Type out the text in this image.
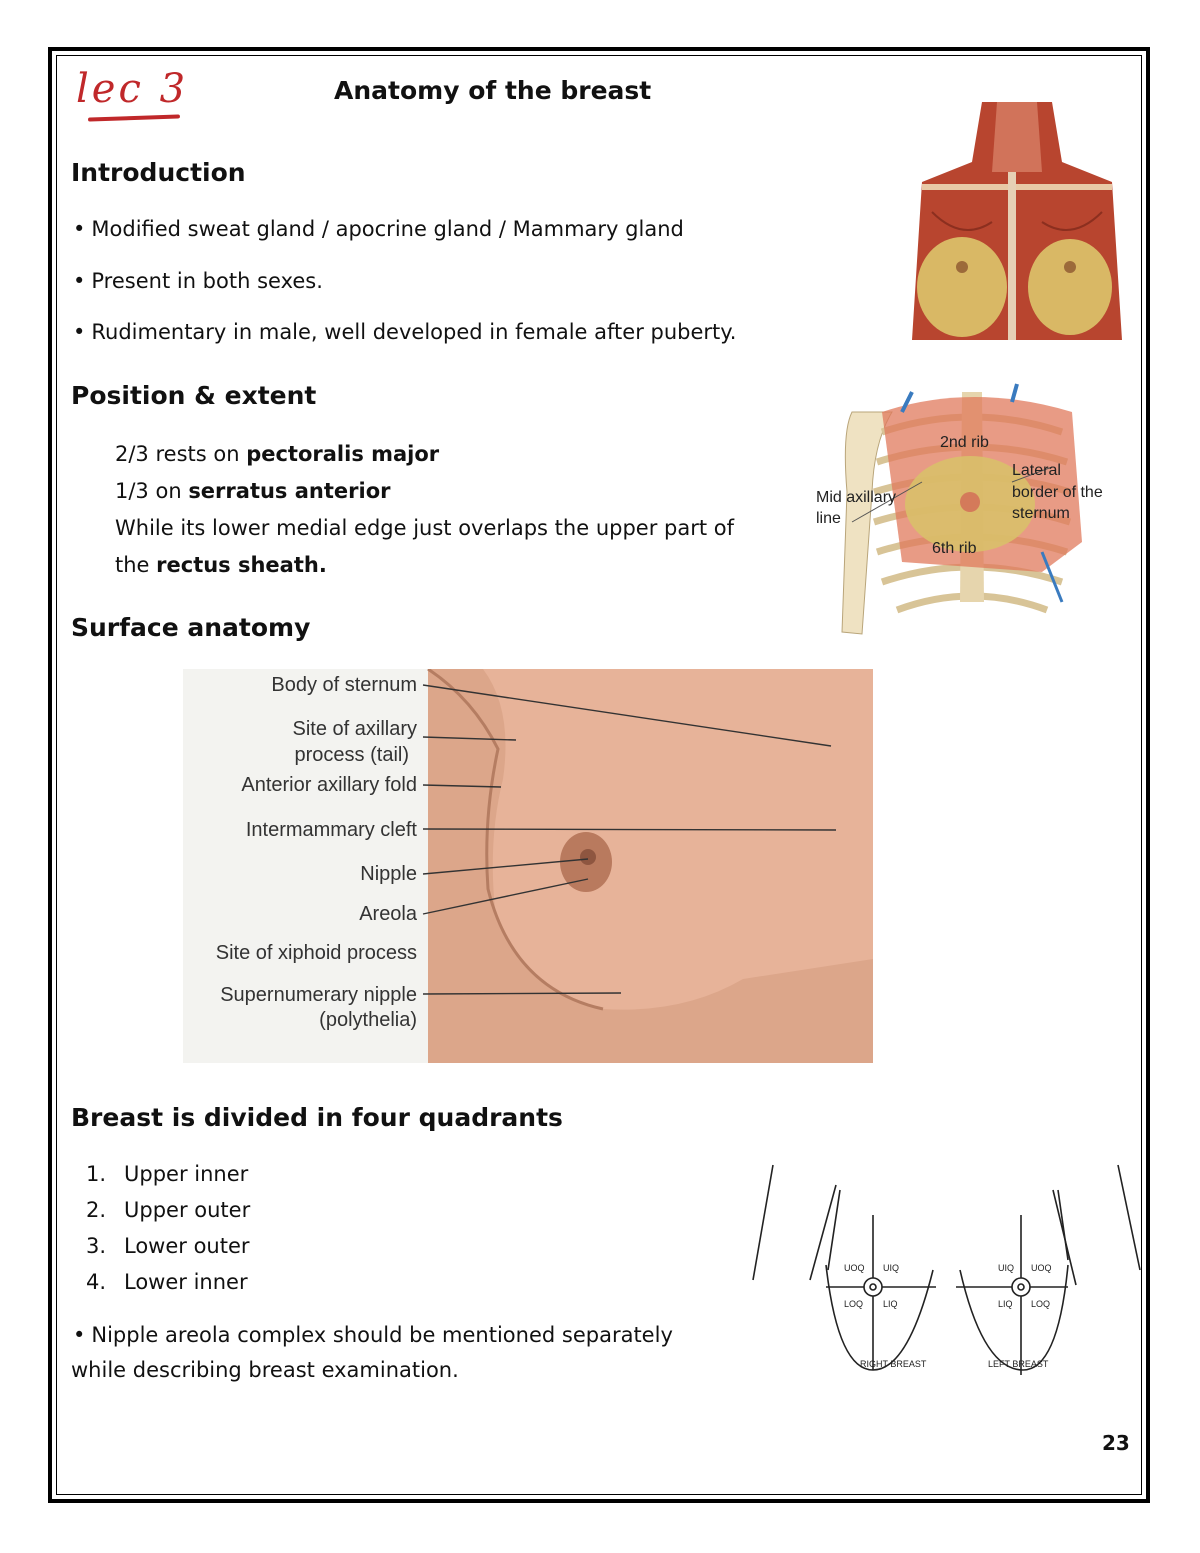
lec 3	Anatomy of the breast
Introduction
• Modified sweat gland / apocrine gland / Mammary gland
• Present in both sexes.
• Rudimentary in male, well developed in female after puberty.
Position & extent
2/3 rests on pectoralis major
1/3 on serratus anterior
While its lower medial edge just overlaps the upper part of
the rectus sheath.
2nd rib
Mid axillary
line
Lateral
border of the
sternum
6th rib
Surface anatomy
Body of sternum
Site of axillary
process (tail)
Anterior axillary fold
Intermammary cleft
Nipple
Areola
Site of xiphoid process
Supernumerary nipple
(polythelia)
Breast is divided in four quadrants
1. Upper inner
2. Upper outer
3. Lower outer
4. Lower inner
• Nipple areola complex should be mentioned separately
while describing breast examination.
UOQ UIQ
LOQ LIQ
UIQ UOQ
LIQ LOQ
RIGHT BREAST	LEFT BREAST
23
